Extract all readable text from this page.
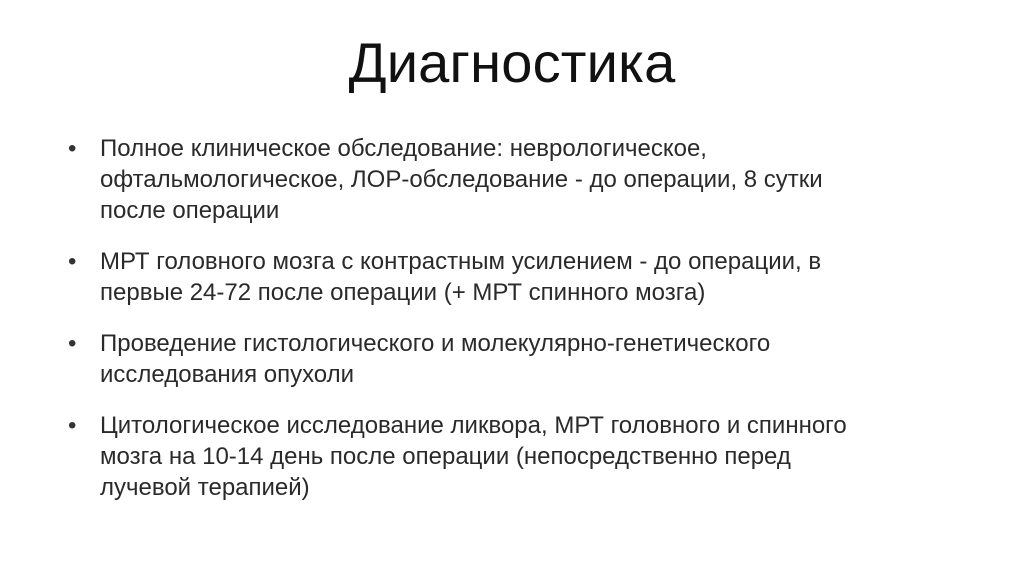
Диагностика
• Полное клиническое обследование: неврологическое,
офтальмологическое, ЛОР-обследование - до операции, 8 сутки
после операции
• МРТ головного мозга с контрастным усилением - до операции, в
первые 24-72 после операции (+ МРТ спинного мозга)
• Проведение гистологического и молекулярно-генетического
исследования опухоли
• Цитологическое исследование ликвора, МРТ головного и спинного
мозга на 10-14 день после операции (непосредственно перед
лучевой терапией)
